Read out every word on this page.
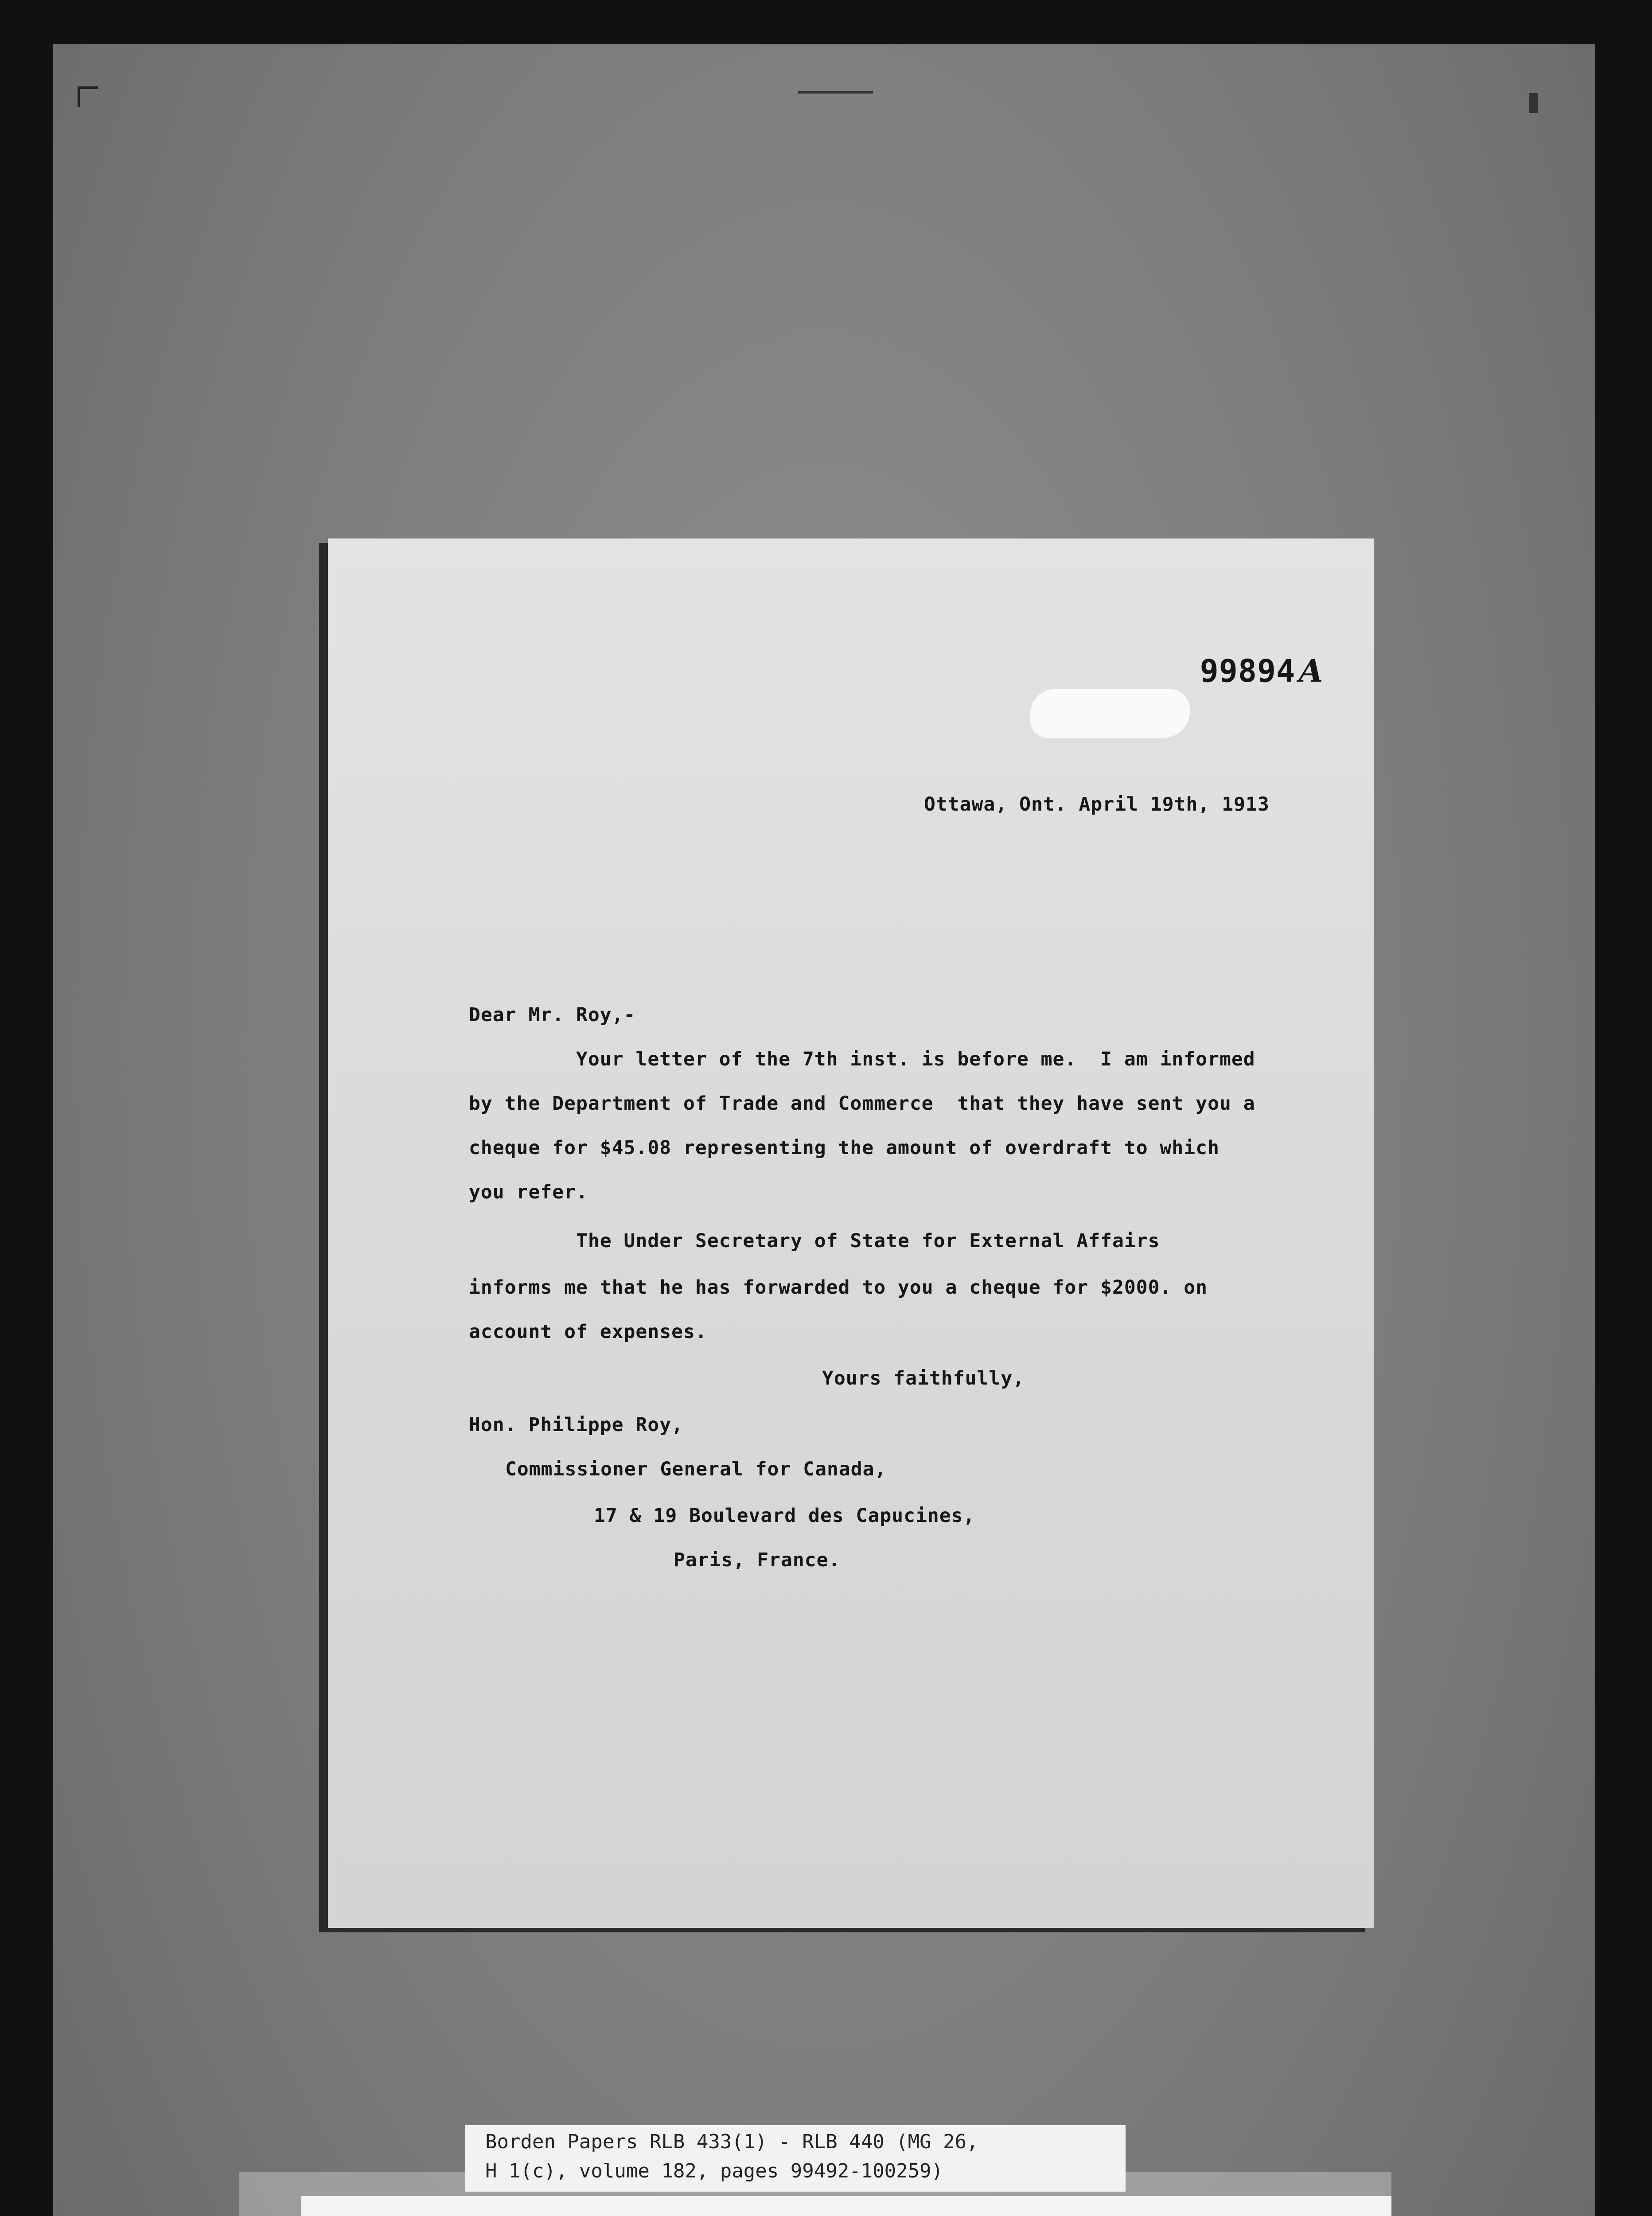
99894 A

Ottawa, Ont. April 19th, 1913
Dear Mr. Roy,-
Your letter of the 7th inst. is before me.  I am informed
by the Department of Trade and Commerce  that they have sent you a
cheque for $45.08 representing the amount of overdraft to which
you refer.
The Under Secretary of State for External Affairs
informs me that he has forwarded to you a cheque for $2000. on
account of expenses.
Yours faithfully,
Hon. Philippe Roy,
Commissioner General for Canada,
17 & 19 Boulevard des Capucines,
Paris, France.
Borden Papers RLB 433(1) - RLB 440 (MG 26,
H 1(c), volume 182, pages 99492-100259)
